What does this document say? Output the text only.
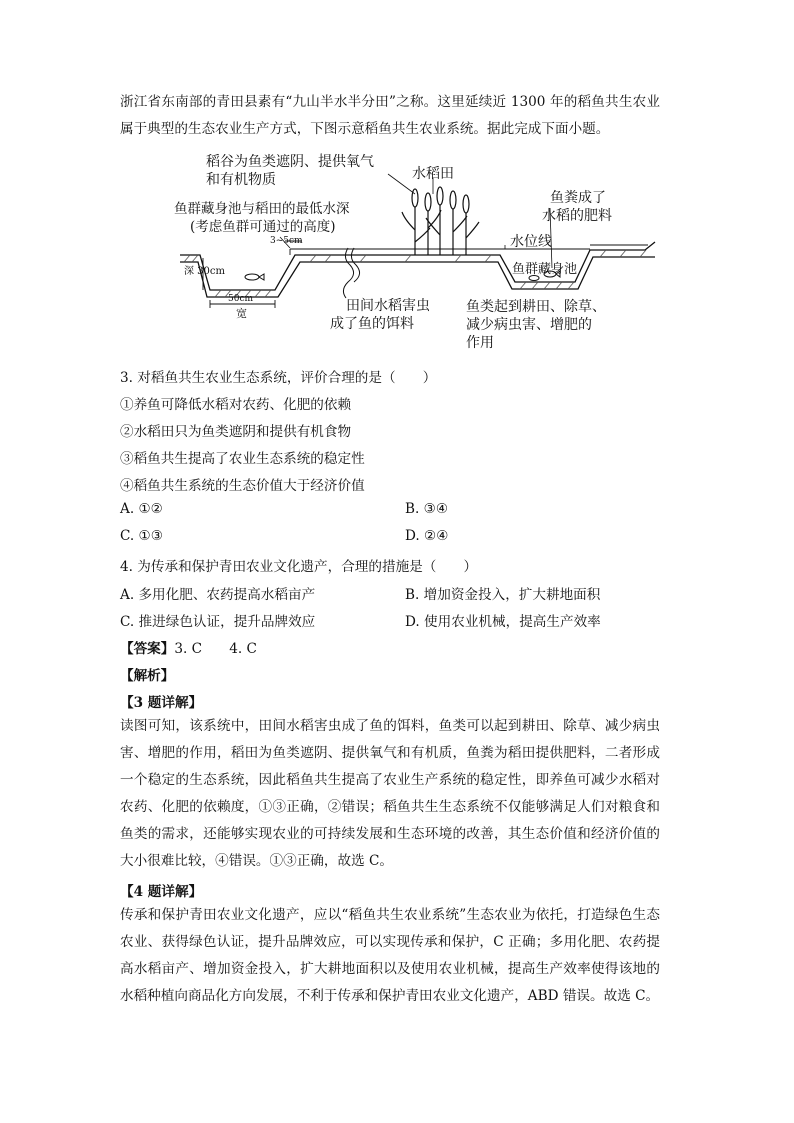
浙江省东南部的青田县素有“九山半水半分田”之称。这里延续近 1300 年的稻鱼共生农业属于典型的生态农业生产方式，下图示意稻鱼共生农业系统。据此完成下面小题。

稻谷为鱼类遮阴、提供氧气
和有机物质	水稻田
鱼群藏身池与稻田的最低水深
(考虑鱼群可通过的高度)
3~5cm
深 30cm
50cm
宽	田间水稻害虫
成了鱼的饵料
鱼粪成了
水稻的肥料
水位线
鱼群藏身池
鱼类起到耕田、除草、
减少病虫害、增肥的
作用
3. 对稻鱼共生农业生态系统，评价合理的是（　　）
①养鱼可降低水稻对农药、化肥的依赖
②水稻田只为鱼类遮阴和提供有机食物
③稻鱼共生提高了农业生态系统的稳定性
④稻鱼共生系统的生态价值大于经济价值
A. ①②	B. ③④
C. ①③	D. ②④
4. 为传承和保护青田农业文化遗产，合理的措施是（　　）
A. 多用化肥、农药提高水稻亩产	B. 增加资金投入，扩大耕地面积
C. 推进绿色认证，提升品牌效应	D. 使用农业机械，提高生产效率
【答案】3. C　　4. C
【解析】
【3 题详解】

读图可知，该系统中，田间水稻害虫成了鱼的饵料，鱼类可以起到耕田、除草、减少病虫害、增肥的作用，稻田为鱼类遮阴、提供氧气和有机质，鱼粪为稻田提供肥料，二者形成一个稳定的生态系统，因此稻鱼共生提高了农业生产系统的稳定性，即养鱼可减少水稻对农药、化肥的依赖度，①③正确，②错误；稻鱼共生生态系统不仅能够满足人们对粮食和鱼类的需求，还能够实现农业的可持续发展和生态环境的改善，其生态价值和经济价值的大小很难比较，④错误。①③正确，故选 C。

【4 题详解】

传承和保护青田农业文化遗产，应以“稻鱼共生农业系统”生态农业为依托，打造绿色生态农业、获得绿色认证，提升品牌效应，可以实现传承和保护，C 正确；多用化肥、农药提高水稻亩产、增加资金投入，扩大耕地面积以及使用农业机械，提高生产效率使得该地的水稻种植向商品化方向发展，不利于传承和保护青田农业文化遗产，ABD 错误。故选 C。
